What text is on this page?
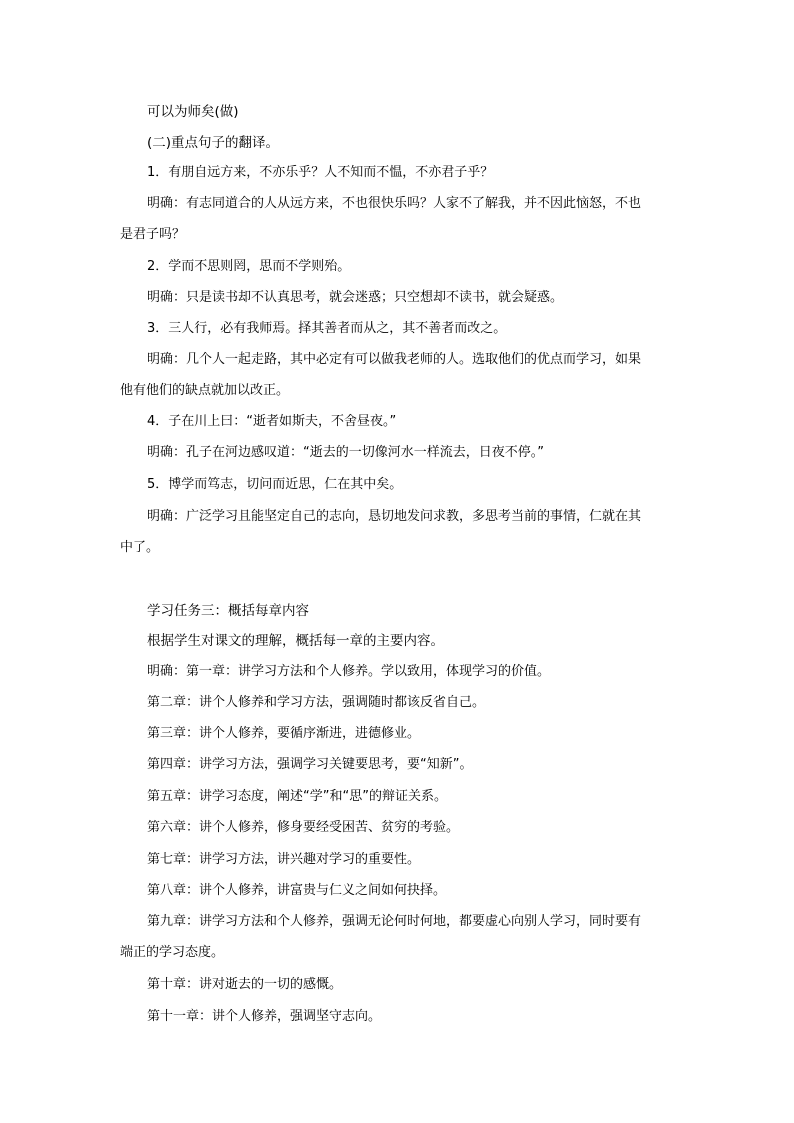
可以为师矣(做)
(二)重点句子的翻译。
1．有朋自远方来，不亦乐乎？人不知而不愠，不亦君子乎？
明确：有志同道合的人从远方来，不也很快乐吗？人家不了解我，并不因此恼怒，不也
是君子吗？
2．学而不思则罔，思而不学则殆。
明确：只是读书却不认真思考，就会迷惑；只空想却不读书，就会疑惑。
3．三人行，必有我师焉。择其善者而从之，其不善者而改之。
明确：几个人一起走路，其中必定有可以做我老师的人。选取他们的优点而学习，如果
他有他们的缺点就加以改正。
4．子在川上曰：“逝者如斯夫，不舍昼夜。”
明确：孔子在河边感叹道：“逝去的一切像河水一样流去，日夜不停。”
5．博学而笃志，切问而近思，仁在其中矣。
明确：广泛学习且能坚定自己的志向，恳切地发问求教，多思考当前的事情，仁就在其
中了。
学习任务三：概括每章内容
根据学生对课文的理解，概括每一章的主要内容。
明确：第一章：讲学习方法和个人修养。学以致用，体现学习的价值。
第二章：讲个人修养和学习方法，强调随时都该反省自己。
第三章：讲个人修养，要循序渐进，进德修业。
第四章：讲学习方法，强调学习关键要思考，要“知新”。
第五章：讲学习态度，阐述“学”和“思”的辩证关系。
第六章：讲个人修养，修身要经受困苦、贫穷的考验。
第七章：讲学习方法，讲兴趣对学习的重要性。
第八章：讲个人修养，讲富贵与仁义之间如何抉择。
第九章：讲学习方法和个人修养，强调无论何时何地，都要虚心向别人学习，同时要有
端正的学习态度。
第十章：讲对逝去的一切的感慨。
第十一章：讲个人修养，强调坚守志向。
